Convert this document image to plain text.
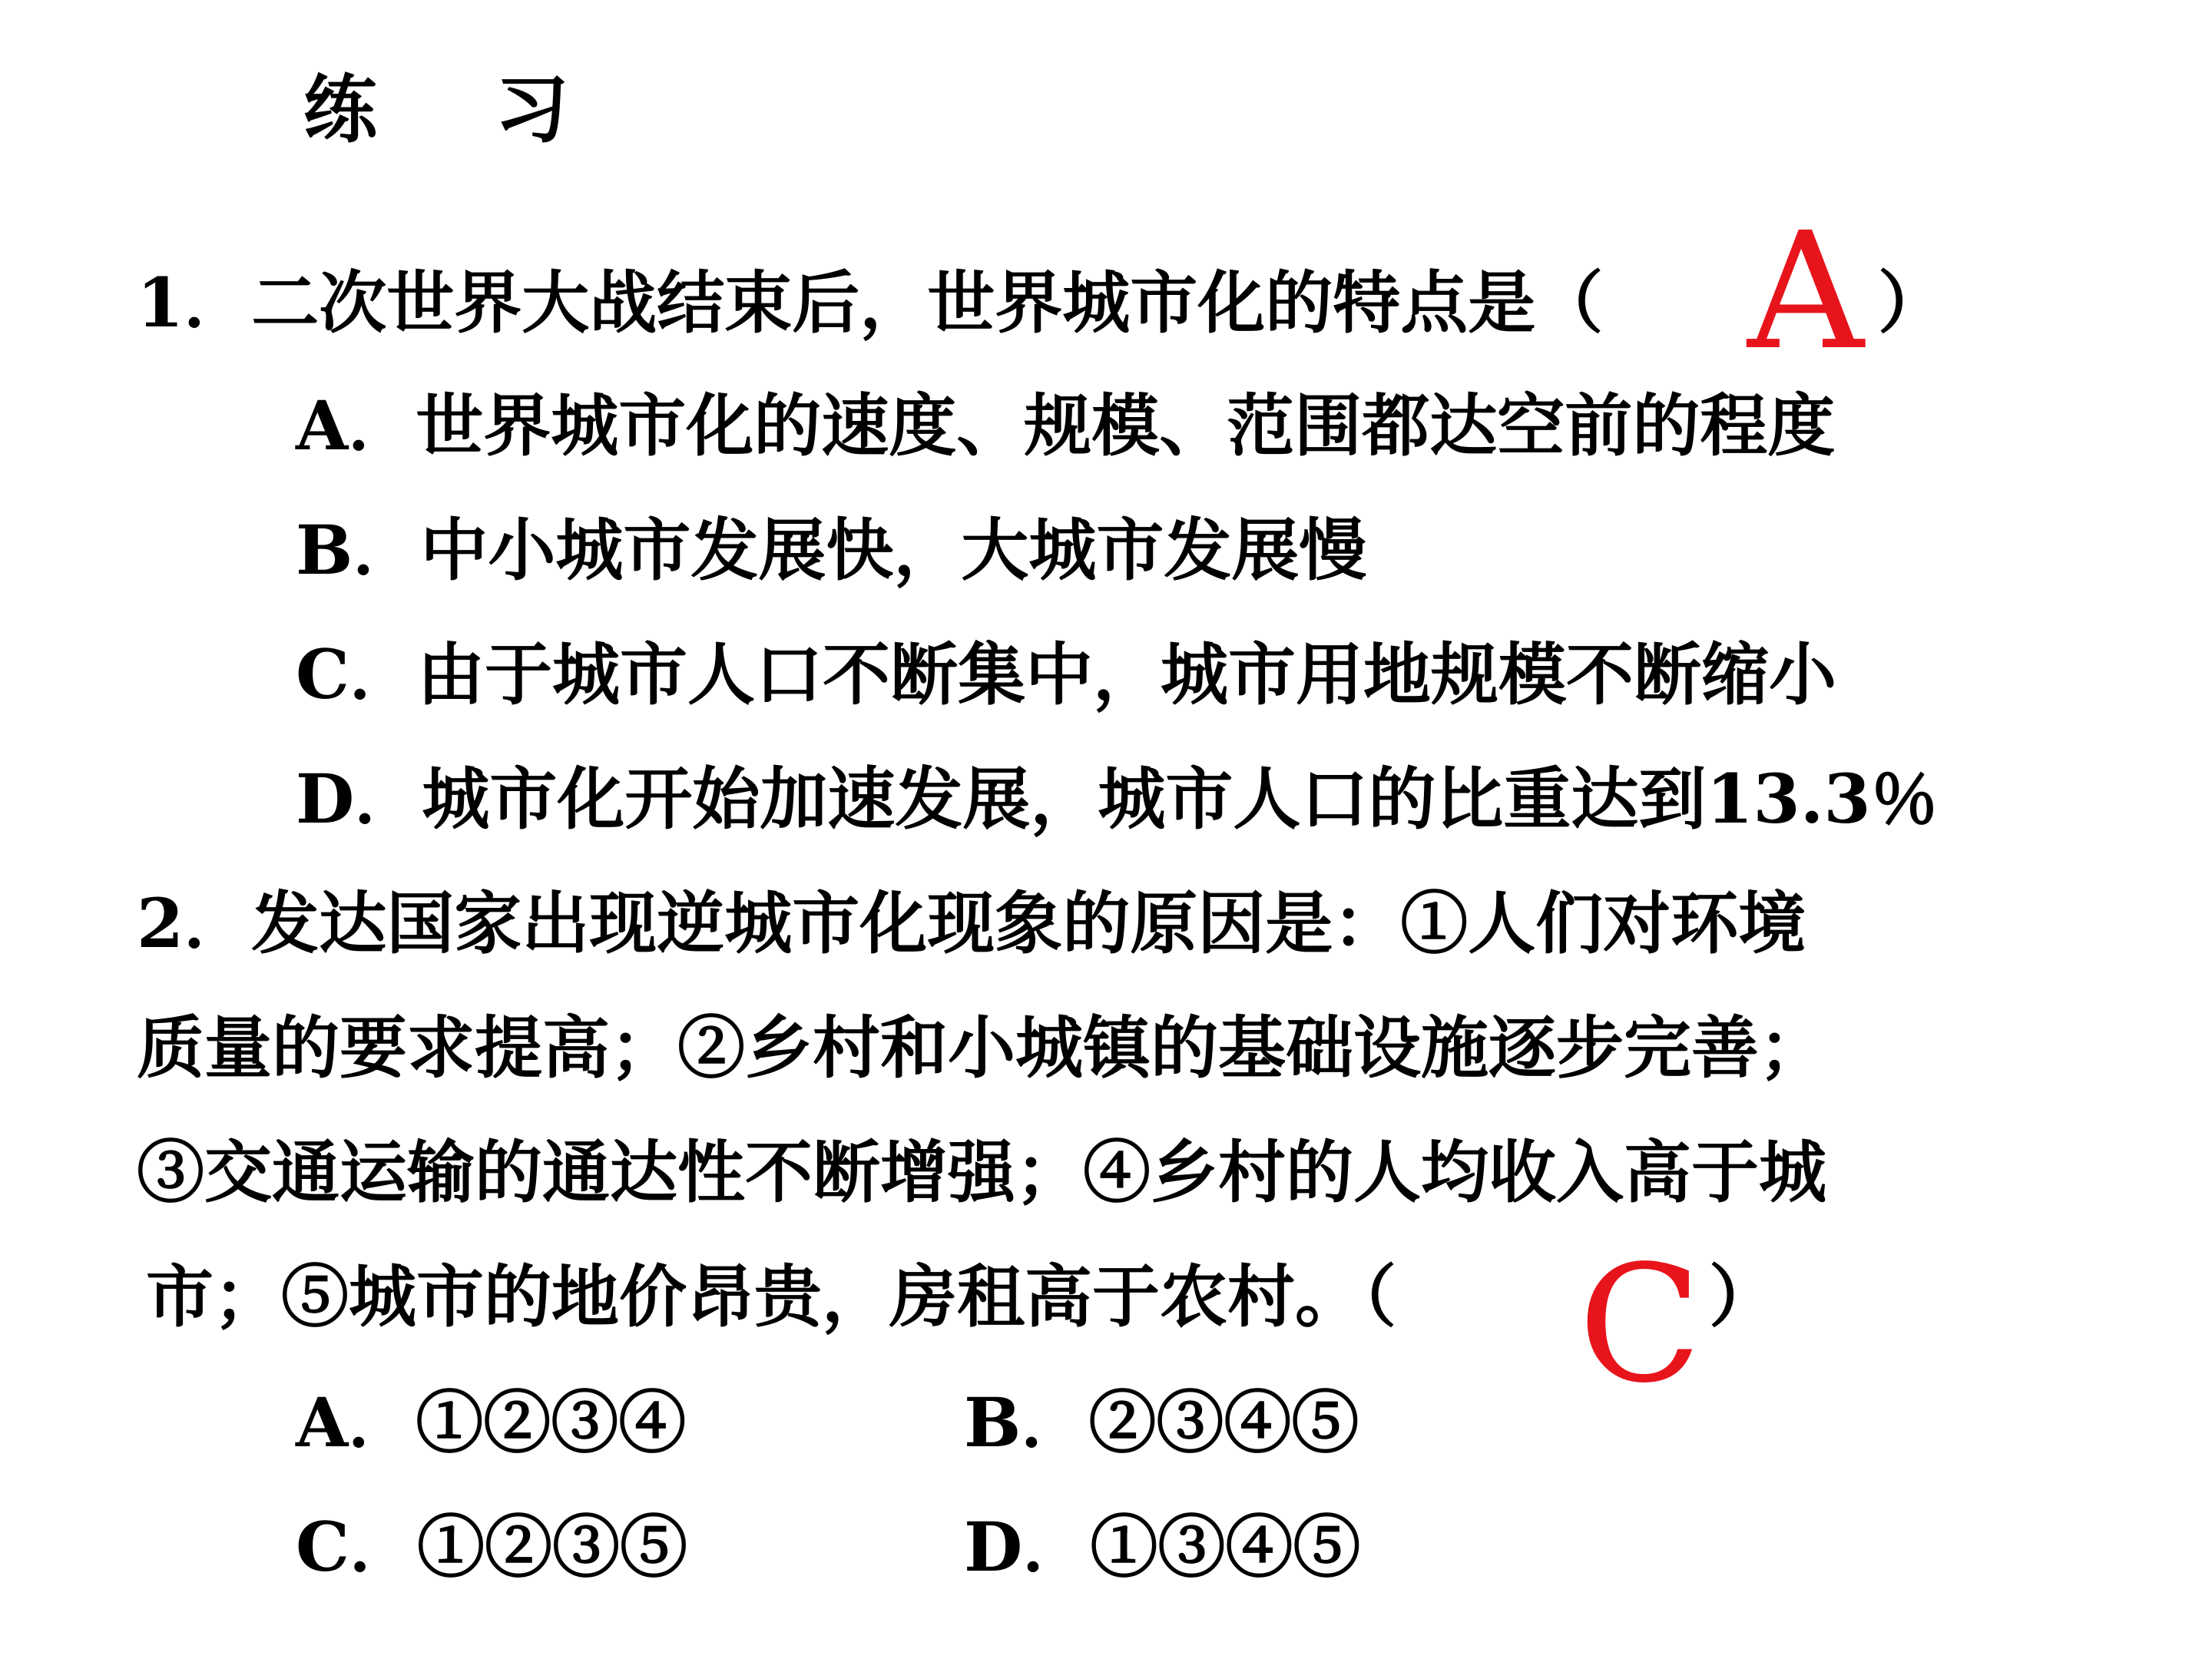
练 习
1．二次世界大战结束后，世界城市化的特点是（	）
A
A．世界城市化的速度、规模、范围都达空前的程度
B．中小城市发展快，大城市发展慢
C．由于城市人口不断集中，城市用地规模不断缩小
D．城市化开始加速发展，城市人口的比重达到13.3％
2．发达国家出现逆城市化现象的原因是：①人们对环境
质量的要求提高；②乡村和小城镇的基础设施逐步完善；
③交通运输的通达性不断增强；④乡村的人均收入高于城
市；⑤城市的地价昂贵，房租高于农村。（	）
C
A．①②③④	B．②③④⑤
C．①②③⑤	D．①③④⑤
